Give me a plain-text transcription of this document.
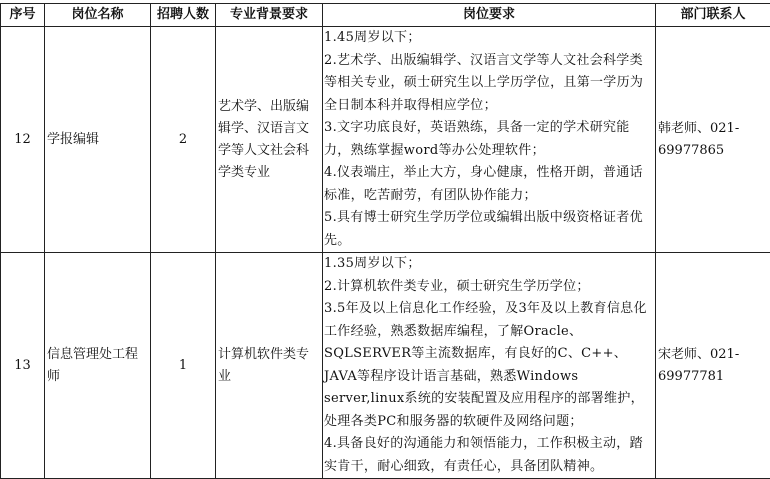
序号	岗位名称	招聘人数	专业背景要求	岗位要求	部门联系人
12	学报编辑	2	艺术学、出版编辑学、汉语言文学等人文社会科学类专业	1.45周岁以下；
2.艺术学、出版编辑学、汉语言文学等人文社会科学类等相关专业，硕士研究生以上学历学位，且第一学历为全日制本科并取得相应学位；
3.文字功底良好，英语熟练，具备一定的学术研究能力，熟练掌握word等办公处理软件；
4.仪表端庄，举止大方，身心健康，性格开朗，普通话标准，吃苦耐劳，有团队协作能力；
5.具有博士研究生学历学位或编辑出版中级资格证者优先。	韩老师、021-69977865
13	信息管理处工程师	1	计算机软件类专业	1.35周岁以下；
2.计算机软件类专业，硕士研究生学历学位；
3.5年及以上信息化工作经验，及3年及以上教育信息化工作经验，熟悉数据库编程，了解Oracle、SQLSERVER等主流数据库，有良好的C、C++、JAVA等程序设计语言基础，熟悉Windows server,linux系统的安装配置及应用程序的部署维护，处理各类PC和服务器的软硬件及网络问题；
4.具备良好的沟通能力和领悟能力，工作积极主动，踏实肯干，耐心细致，有责任心，具备团队精神。	宋老师、021-69977781
